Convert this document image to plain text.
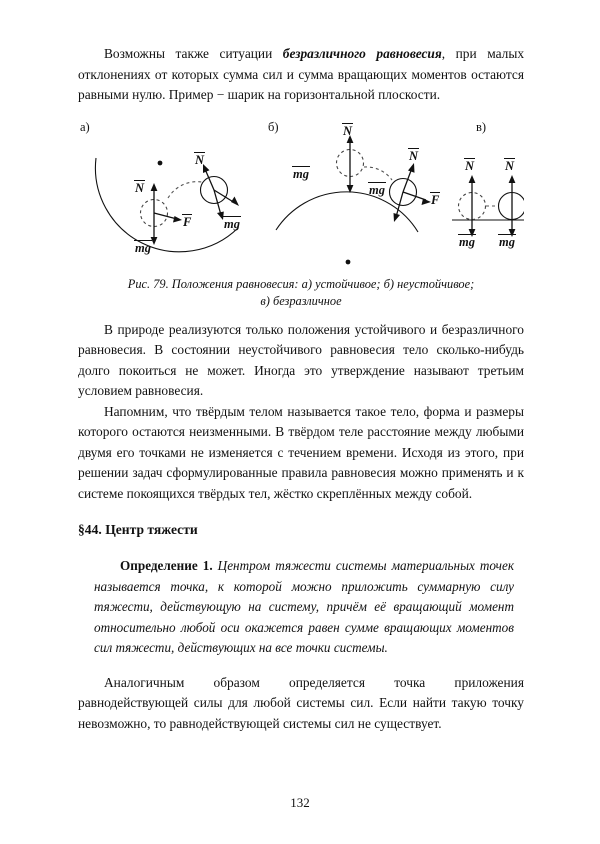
Возможны также ситуации безразличного равновесия, при малых отклонениях от которых сумма сил и сумма вращающих моментов остаются равными нулю. Пример − шарик на горизонтальной плоскости.

а)	б)	в)
N
N
F
mg
mg
N
N
F
mg
mg
N N
mg mg
Рис. 79. Положения равновесия: а) устойчивое; б) неустойчивое;
в) безразличное

В природе реализуются только положения устойчивого и безразличного равновесия. В состоянии неустойчивого равновесия тело сколько-нибудь долго покоиться не может. Иногда это утверждение называют третьим условием равновесия.

Напомним, что твёрдым телом называется такое тело, форма и размеры которого остаются неизменными. В твёрдом теле расстояние между любыми двумя его точками не изменяется с течением времени. Исходя из этого, при решении задач сформулированные правила равновесия можно применять и к системе покоящихся твёрдых тел, жёстко скреплённых между собой.

§44. Центр тяжести

Определение 1. Центром тяжести системы материальных точек называется точка, к которой можно приложить суммарную силу тяжести, действующую на систему, причём её вращающий момент относительно любой оси окажется равен сумме вращающих моментов сил тяжести, действующих на все точки системы.

Аналогичным образом определяется точка приложения равнодействующей силы для любой системы сил. Если найти такую точку невозможно, то равнодействующей системы сил не существует.

132
